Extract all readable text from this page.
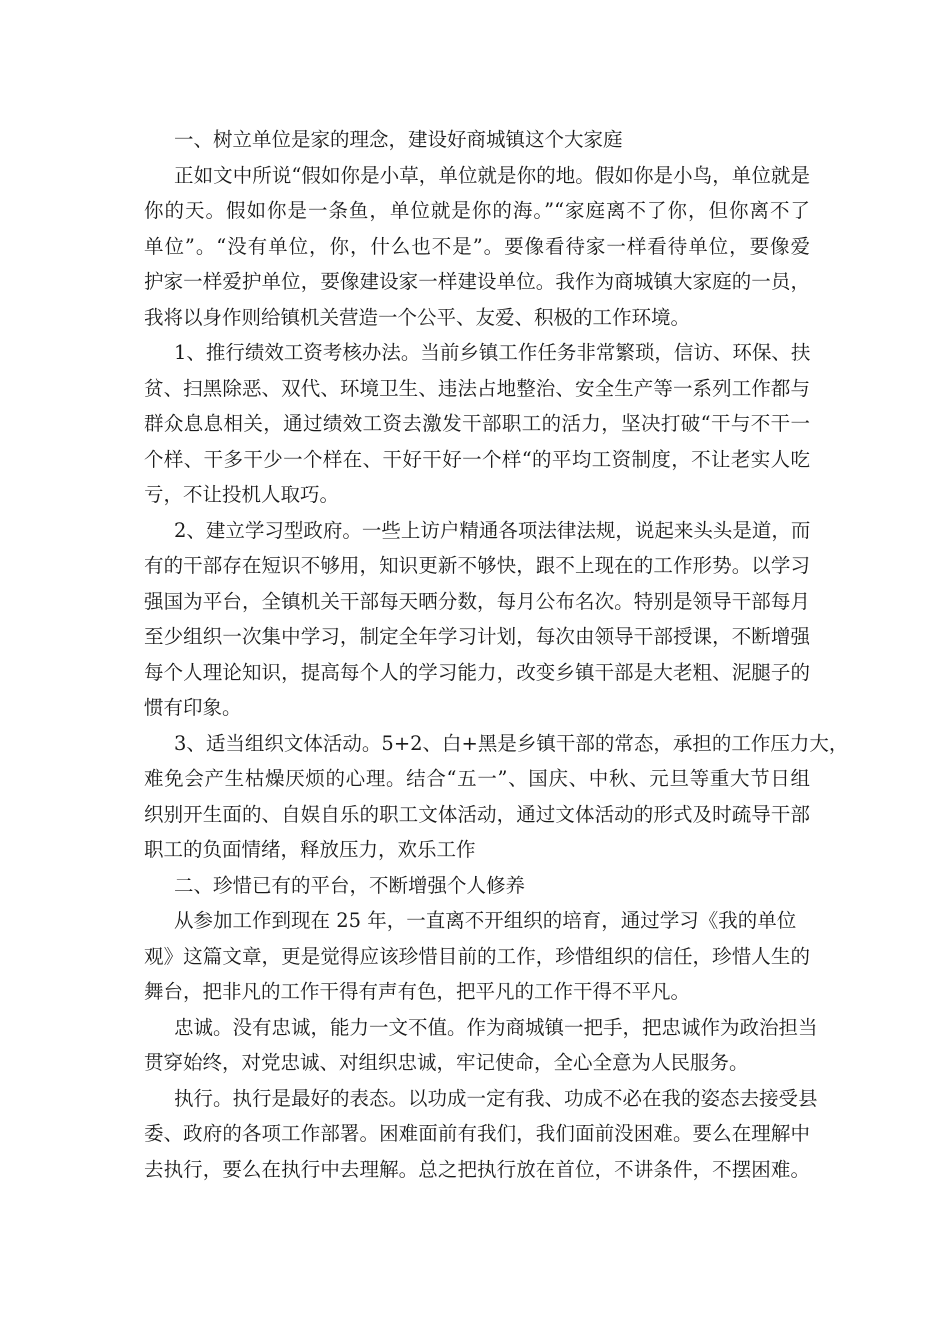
一、树立单位是家的理念，建设好商城镇这个大家庭
正如文中所说“假如你是小草，单位就是你的地。假如你是小鸟，单位就是
你的天。假如你是一条鱼，单位就是你的海。”“家庭离不了你，但你离不了
单位”。“没有单位，你，什么也不是”。要像看待家一样看待单位，要像爱
护家一样爱护单位，要像建设家一样建设单位。我作为商城镇大家庭的一员，
我将以身作则给镇机关营造一个公平、友爱、积极的工作环境。
1、推行绩效工资考核办法。当前乡镇工作任务非常繁琐，信访、环保、扶
贫、扫黑除恶、双代、环境卫生、违法占地整治、安全生产等一系列工作都与
群众息息相关，通过绩效工资去激发干部职工的活力，坚决打破“干与不干一
个样、干多干少一个样在、干好干好一个样“的平均工资制度，不让老实人吃
亏，不让投机人取巧。
2、建立学习型政府。一些上访户精通各项法律法规，说起来头头是道，而
有的干部存在短识不够用，知识更新不够快，跟不上现在的工作形势。以学习
强国为平台，全镇机关干部每天晒分数，每月公布名次。特别是领导干部每月
至少组织一次集中学习，制定全年学习计划，每次由领导干部授课，不断增强
每个人理论知识，提高每个人的学习能力，改变乡镇干部是大老粗、泥腿子的
惯有印象。
3、适当组织文体活动。5+2、白+黑是乡镇干部的常态，承担的工作压力大，
难免会产生枯燥厌烦的心理。结合“五一”、国庆、中秋、元旦等重大节日组
织别开生面的、自娱自乐的职工文体活动，通过文体活动的形式及时疏导干部
职工的负面情绪，释放压力，欢乐工作
二、珍惜已有的平台，不断增强个人修养
从参加工作到现在 25 年，一直离不开组织的培育，通过学习《我的单位
观》这篇文章，更是觉得应该珍惜目前的工作，珍惜组织的信任，珍惜人生的
舞台，把非凡的工作干得有声有色，把平凡的工作干得不平凡。
忠诚。没有忠诚，能力一文不值。作为商城镇一把手，把忠诚作为政治担当
贯穿始终，对党忠诚、对组织忠诚，牢记使命，全心全意为人民服务。
执行。执行是最好的表态。以功成一定有我、功成不必在我的姿态去接受县
委、政府的各项工作部署。困难面前有我们，我们面前没困难。要么在理解中
去执行，要么在执行中去理解。总之把执行放在首位，不讲条件，不摆困难。
